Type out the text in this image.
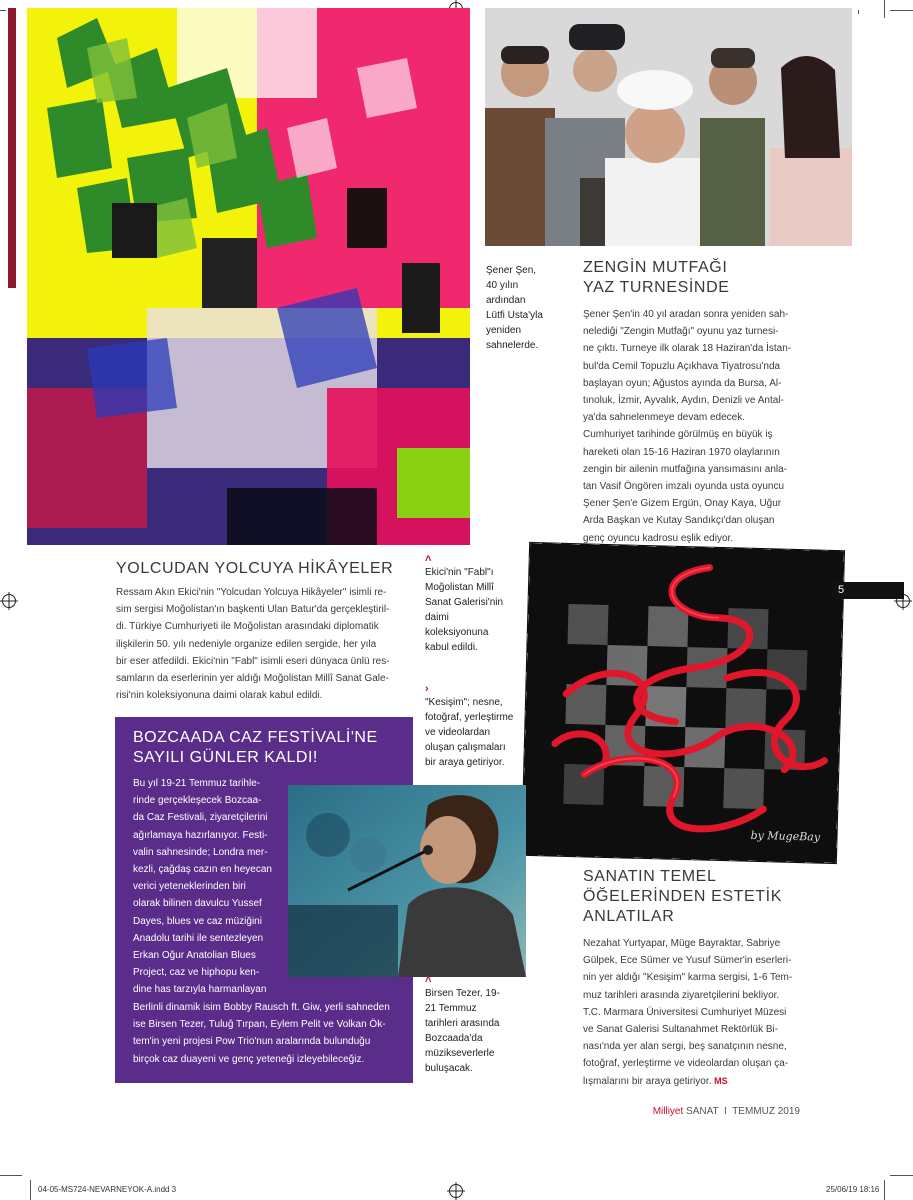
Şener Şen, 40 yılın ardından Lütfi Usta'yla yeniden sahnelerde.
ZENGİN MUTFAĞI
YAZ TURNESİNDE
Şener Şen'in 40 yıl aradan sonra yeniden sah-
nelediği "Zengin Mutfağı" oyunu yaz turnesi-
ne çıktı. Turneye ilk olarak 18 Haziran'da İstan-
bul'da Cemil Topuzlu Açıkhava Tiyatrosu'nda
başlayan oyun; Ağustos ayında da Bursa, Al-
tınoluk, İzmir, Ayvalık, Aydın, Denizli ve Antal-
ya'da sahnelenmeye devam edecek.
Cumhuriyet tarihinde görülmüş en büyük iş
hareketi olan 15-16 Haziran 1970 olaylarının
zengin bir ailenin mutfağına yansımasını anla-
tan Vasif Öngören imzalı oyunda usta oyuncu
Şener Şen'e Gizem Ergün, Onay Kaya, Uğur
Arda Başkan ve Kutay Sandıkçı'dan oluşan
genç oyuncu kadrosu eşlik ediyor.
YOLCUDAN YOLCUYA HİKÂYELER
Ressam Akın Ekici'nin "Yolcudan Yolcuya Hikâyeler" isimli re-
sim sergisi Moğolistan'ın başkenti Ulan Batur'da gerçekleştiril-
di. Türkiye Cumhuriyeti ile Moğolistan arasındaki diplomatik
ilişkilerin 50. yılı nedeniyle organize edilen sergide, her yıla
bir eser atfedildi. Ekici'nin "Fabl" isimli eseri dünyaca ünlü res-
samların da eserlerinin yer aldığı Moğolistan Millî Sanat Gale-
risi'nin koleksiyonuna daimi olarak kabul edildi.
˄
Ekici'nin "Fabl"ı Moğolistan Millî Sanat Galerisi'nin daimi koleksiyonuna kabul edildi.
›
"Kesişim"; nesne, fotoğraf, yerleştirme ve videolardan oluşan çalışmaları bir araya getiriyor.
by MugeBay
5
BOZCAADA CAZ FESTİVALİ'NE
SAYILI GÜNLER KALDI!
Bu yıl 19-21 Temmuz tarihle-
rinde gerçekleşecek Bozcaa-
da Caz Festivali, ziyaretçilerini
ağırlamaya hazırlanıyor. Festi-
valin sahnesinde; Londra mer-
kezli, çağdaş cazın en heyecan
verici yeteneklerinden biri
olarak bilinen davulcu Yussef
Dayes, blues ve caz müziğini
Anadolu tarihi ile sentezleyen
Erkan Oğur Anatolian Blues
Project, caz ve hiphopu ken-
dine has tarzıyla harmanlayan
Berlinli dinamik isim Bobby Rausch ft. Giw, yerli sahneden
ise Birsen Tezer, Tuluğ Tırpan, Eylem Pelit ve Volkan Ök-
tem'in yeni projesi Pow Trio'nun aralarında bulunduğu
birçok caz duayeni ve genç yeteneği izleyebileceğiz.
˄
Birsen Tezer, 19-21 Temmuz tarihleri arasında Bozcaada'da müzikseverlerle buluşacak.
SANATIN TEMEL
ÖĞELERİNDEN ESTETİK
ANLATILAR
Nezahat Yurtyapar, Müge Bayraktar, Sabriye
Gülpek, Ece Sümer ve Yusuf Sümer'in eserleri-
nin yer aldığı "Kesişim" karma sergisi, 1-6 Tem-
muz tarihleri arasında ziyaretçilerini bekliyor.
T.C. Marmara Üniversitesi Cumhuriyet Müzesi
ve Sanat Galerisi Sultanahmet Rektörlük Bi-
nası'nda yer alan sergi, beş sanatçının nesne,
fotoğraf, yerleştirme ve videolardan oluşan ça-
lışmalarını bir araya getiriyor. MS
Milliyet SANAT I TEMMUZ 2019
04-05-MS724-NEVARNEYOK-A.indd 3	25/06/19 18:16
